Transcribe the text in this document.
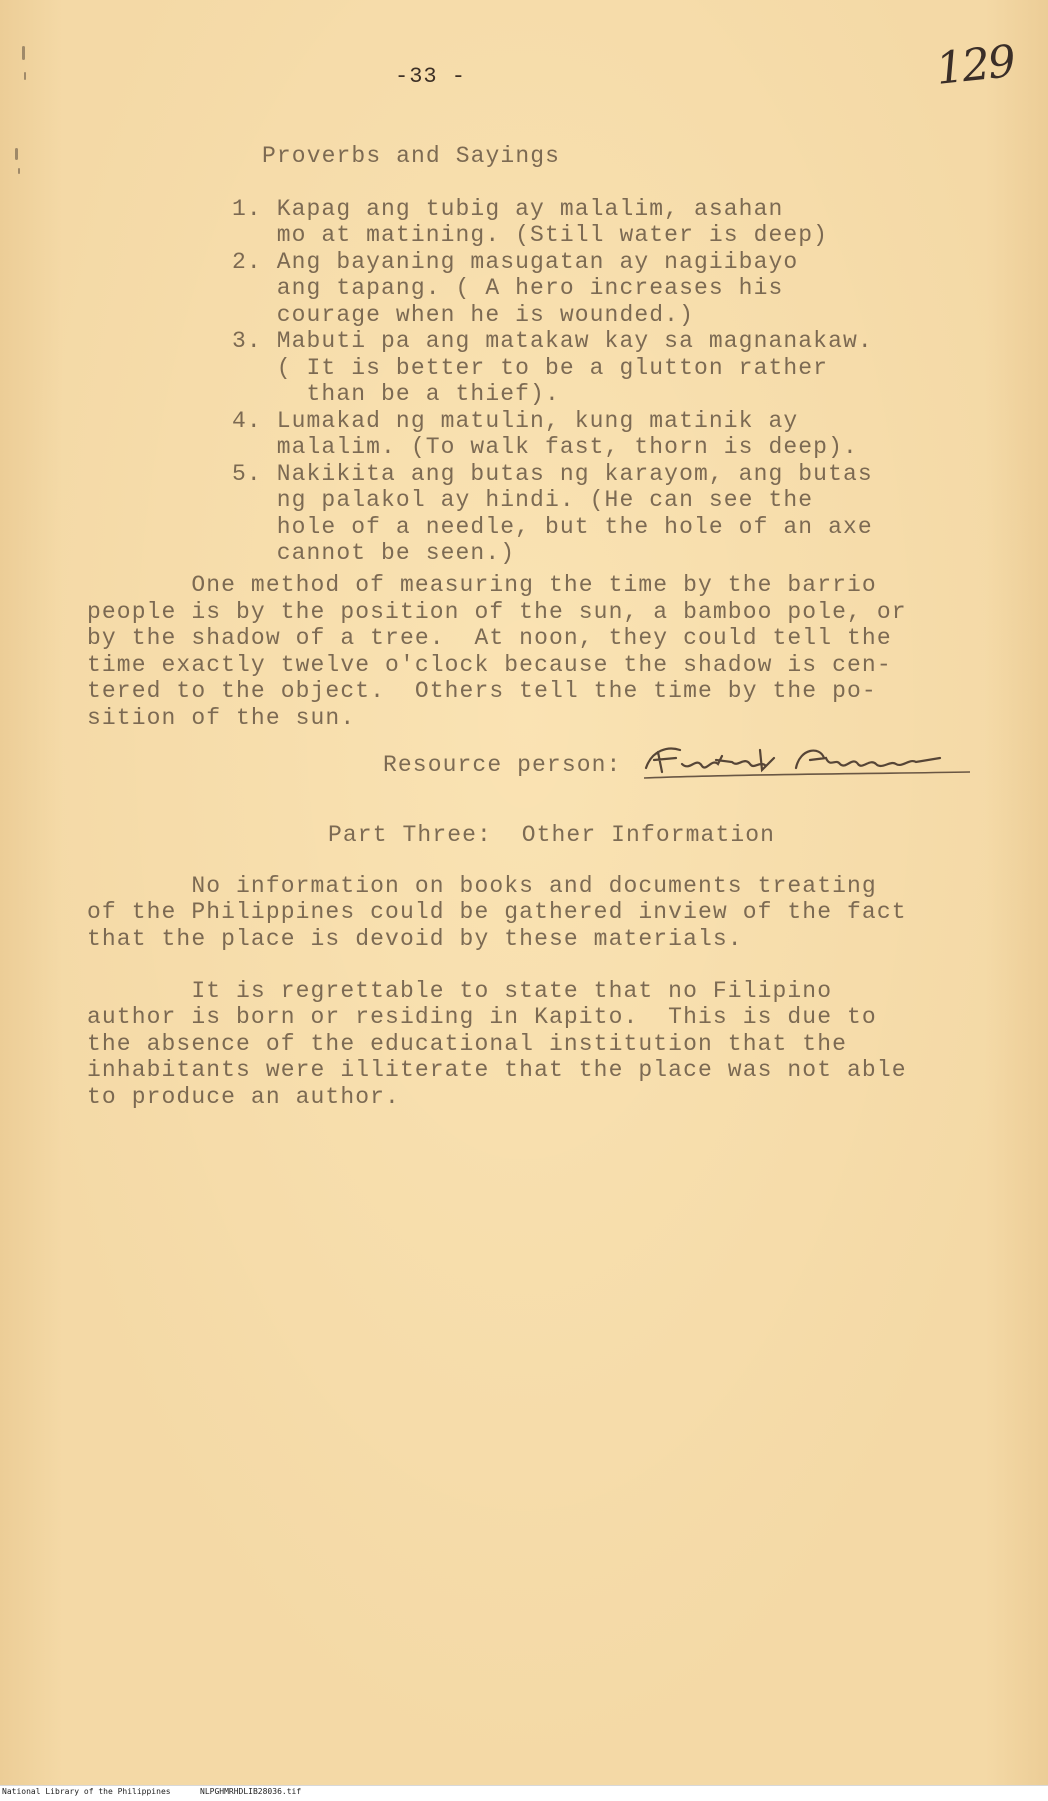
-33 -	129
Proverbs and Sayings
1. Kapag ang tubig ay malalim, asahan
mo at matining. (Still water is deep)
2. Ang bayaning masugatan ay nagiibayo
ang tapang. ( A hero increases his
courage when he is wounded.)
3. Mabuti pa ang matakaw kay sa magnanakaw.
( It is better to be a glutton rather
than be a thief).
4. Lumakad ng matulin, kung matinik ay
malalim. (To walk fast, thorn is deep).
5. Nakikita ang butas ng karayom, ang butas
ng palakol ay hindi. (He can see the
hole of a needle, but the hole of an axe
cannot be seen.)
One method of measuring the time by the barrio
people is by the position of the sun, a bamboo pole, or
by the shadow of a tree.  At noon, they could tell the
time exactly twelve o'clock because the shadow is cen-
tered to the object.  Others tell the time by the po-
sition of the sun.
Resource person:
Part Three:  Other Information
No information on books and documents treating
of the Philippines could be gathered inview of the fact
that the place is devoid by these materials.
It is regrettable to state that no Filipino
author is born or residing in Kapito.  This is due to
the absence of the educational institution that the
inhabitants were illiterate that the place was not able
to produce an author.
National Library of the Philippines	NLPGHMRHDLIB28036.tif
